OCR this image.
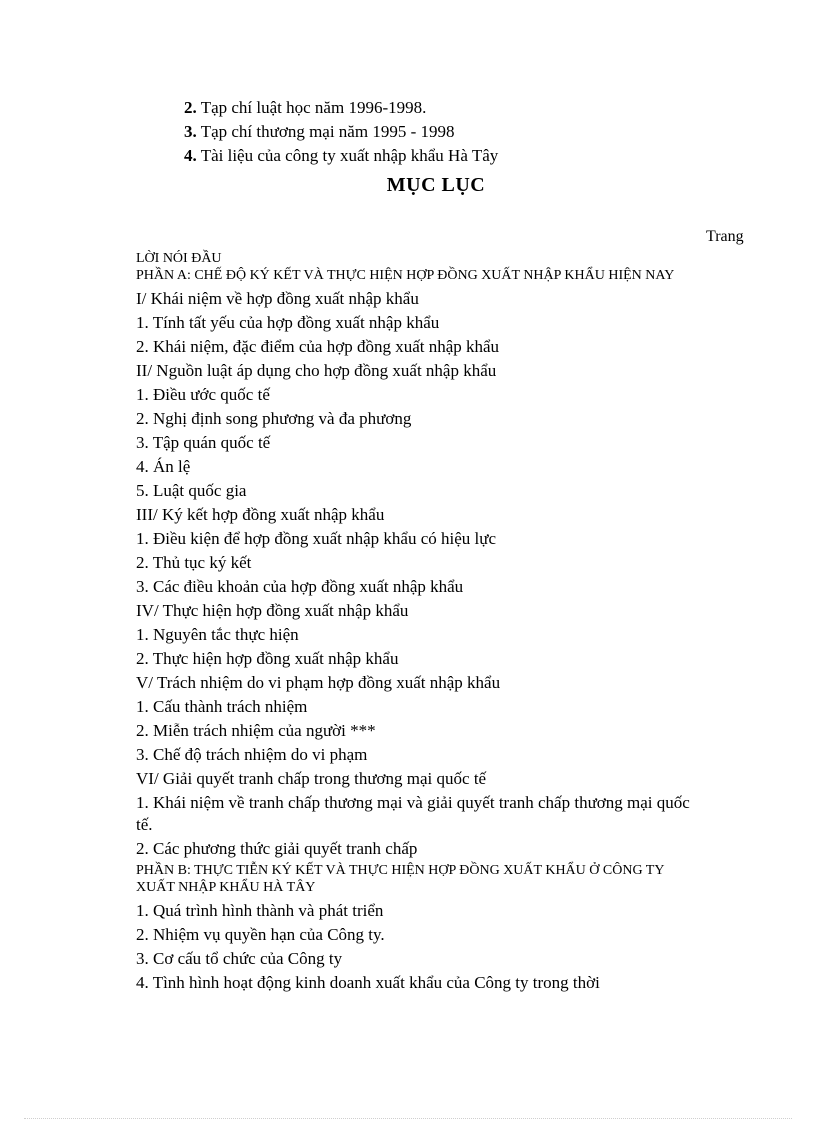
2. Tạp chí luật học năm 1996-1998.
3. Tạp chí thương mại năm 1995 - 1998
4. Tài liệu của công ty xuất nhập khẩu Hà Tây
MỤC LỤC
Trang
LỜI NÓI ĐẦU
PHẦN A: CHẾ ĐỘ KÝ KẾT VÀ THỰC HIỆN HỢP ĐỒNG XUẤT NHẬP KHẨU HIỆN NAY
I/ Khái niệm về hợp đồng xuất nhập khẩu
1. Tính tất yếu của hợp đồng xuất nhập khẩu
2. Khái niệm, đặc điểm của hợp đồng xuất nhập khẩu
II/ Nguồn luật áp dụng cho hợp đồng xuất nhập khẩu
1. Điều ước quốc tế
2. Nghị định song phương và đa phương
3. Tập quán quốc tế
4. Án lệ
5. Luật quốc gia
III/ Ký kết hợp đồng xuất nhập khẩu
1. Điều kiện để hợp đồng xuất nhập khẩu có hiệu lực
2. Thủ tục ký kết
3. Các điều khoản của hợp đồng xuất nhập khẩu
IV/ Thực hiện hợp đồng xuất nhập khẩu
1. Nguyên tắc thực hiện
2. Thực hiện hợp đồng xuất nhập khẩu
V/ Trách nhiệm do vi phạm hợp đồng xuất nhập khẩu
1. Cấu thành trách nhiệm
2. Miễn trách nhiệm của người ***
3. Chế độ trách nhiệm do vi phạm
VI/ Giải quyết tranh chấp trong thương mại quốc tế
1. Khái niệm về tranh chấp thương mại và giải quyết tranh chấp thương mại quốc tế.
2. Các phương thức giải quyết tranh chấp
PHẦN B: THỰC TIỄN KÝ KẾT VÀ THỰC HIỆN HỢP ĐỒNG XUẤT KHẨU Ở CÔNG TY XUẤT NHẬP KHẨU HÀ TÂY
1. Quá trình hình thành và phát triển
2. Nhiệm vụ quyền hạn của Công ty.
3. Cơ cấu tổ chức của Công ty
4. Tình hình hoạt động kinh doanh xuất khẩu của Công ty trong thời
